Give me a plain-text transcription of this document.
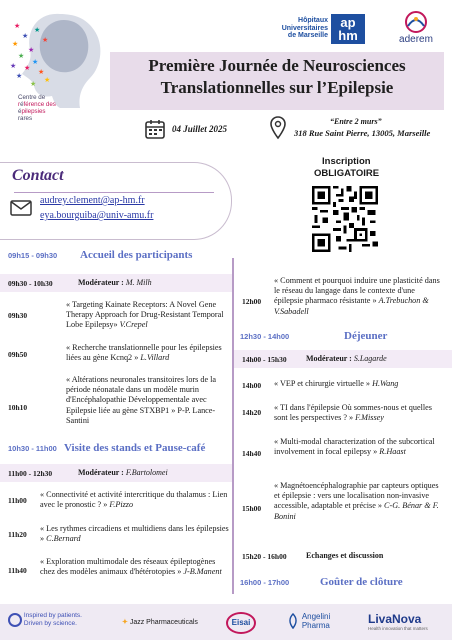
★
★
★
★
★
★
★ ★
★
★
★
★	★
★
Centre de
référence des
épilepsies
rares
Hôpitaux
Universitaires
de Marseille
ap
hm	aderem
Première Journée de Neurosciences
Translationnelles sur l’Epilepsie
04 Juillet 2025
“Entre 2 murs”
318 Rue Saint Pierre, 13005, Marseille
Contact
audrey.clement@ap-hm.fr
eya.bourguiba@univ-amu.fr
Inscription
OBLIGATOIRE
09h15 - 09h30 Accueil des participants
09h30 - 10h30	Modérateur : M. Milh
09h30
« Targeting Kainate Receptors: A Novel Gene Therapy Approach for Drug-Resistant Temporal Lobe Epilepsy» V.Crepel
09h50
« Recherche translationnelle pour les épilepsies liées au gène Kcnq2 » L.Villard
10h10
« Altérations neuronales transitoires lors de la période néonatale dans un modèle murin d'Encéphalopathie Développementale avec Epilepsie liée au gène STXBP1 » P-P. Lance-Santini
10h30 - 11h00 Visite des stands et Pause-café
11h00 - 12h30	Modérateur : F.Bartolomei
11h00
« Connectivité et activité intercritique du thalamus : Lien avec le pronostic ? » F.Pizzo
11h20
« Les rythmes circadiens et multidiens dans les épilepsies » C.Bernard
11h40
« Exploration multimodale des réseaux épileptogènes chez des modèles animaux d'hétérotopies » J-B.Manent
12h00
« Comment et pourquoi induire une plasticité dans le réseau du langage dans le contexte d'une épilepsie pharmaco résistante » A.Trebuchon & V.Sabadell
12h30 - 14h00	Déjeuner
14h00 - 15h30 Modérateur : S.Lagarde
14h00 « VEP et chirurgie virtuelle » H.Wang
14h20
« TI dans l'épilepsie Où sommes-nous et quelles sont les perspectives ? » F.Missey
14h40
« Multi-modal characterization of the subcortical involvement in focal epilepsy » R.Haast
15h00
« Magnétoencéphalographie par capteurs optiques et épilepsie : vers une localisation non-invasive accessible, adaptable et précise » C-G. Bénar & F. Bonini
15h20 - 16h00 Echanges et discussion
16h00 - 17h00	Goûter de clôture
Inspired by patients.
Driven by science.	✦ Jazz Pharmaceuticals	Eisai
Angelini
Pharma	LivaNova
Health innovation that matters
